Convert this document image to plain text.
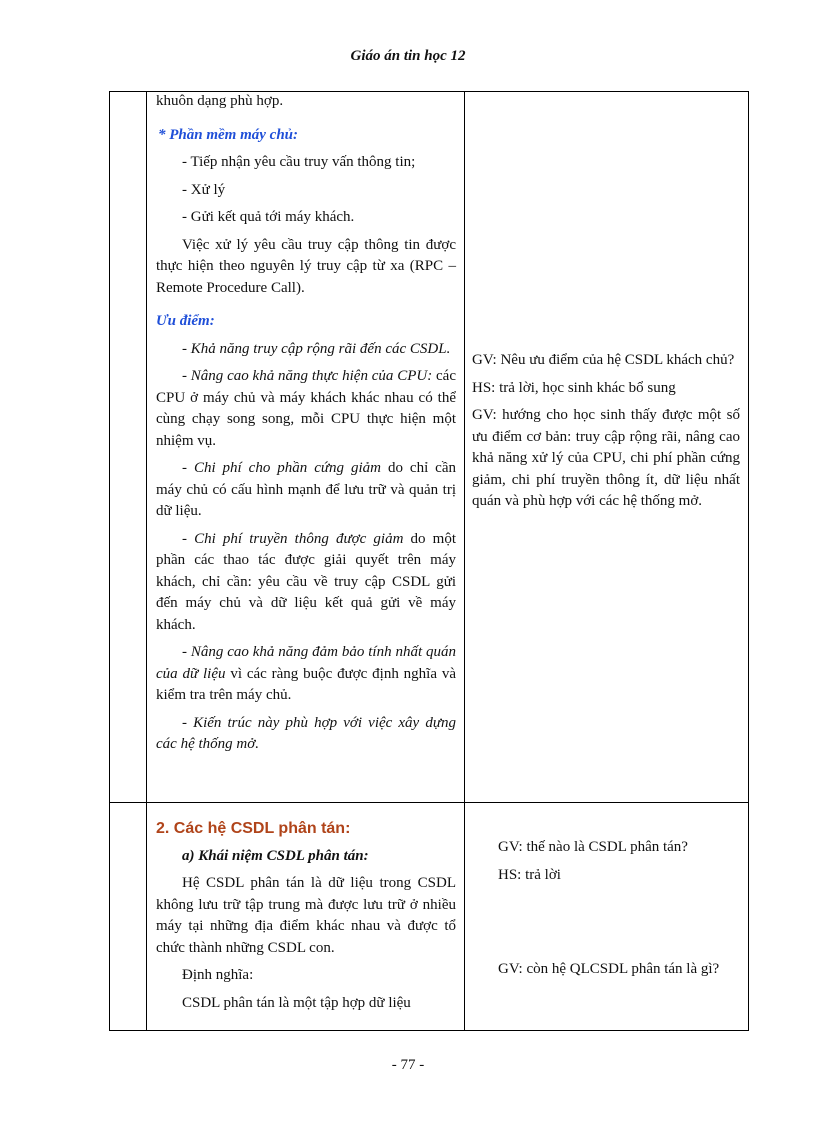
Giáo án tin học 12

khuôn dạng phù hợp.

* Phần mềm máy chủ:

- Tiếp nhận yêu cầu truy vấn thông tin;

- Xử lý

- Gửi kết quả tới máy khách.

Việc xử lý yêu cầu truy cập thông tin được thực hiện theo nguyên lý truy cập từ xa (RPC – Remote Procedure Call).

Ưu điểm:

- Khả năng truy cập rộng rãi đến các CSDL.

- Nâng cao khả năng thực hiện của CPU: các CPU ở máy chủ và máy khách khác nhau có thể cùng chạy song song, mỗi CPU thực hiện một nhiệm vụ.

- Chi phí cho phần cứng giảm do chỉ cần máy chủ có cấu hình mạnh để lưu trữ và quản trị dữ liệu.

- Chi phí truyền thông được giảm do một phần các thao tác được giải quyết trên máy khách, chỉ cần: yêu cầu về truy cập CSDL gửi đến máy chủ và dữ liệu kết quả gửi về máy khách.

- Nâng cao khả năng đảm bảo tính nhất quán của dữ liệu vì các ràng buộc được định nghĩa và kiểm tra trên máy chủ.

- Kiến trúc này phù hợp với việc xây dựng các hệ thống mở.

GV: Nêu ưu điểm của hệ CSDL khách chủ?

HS: trả lời, học sinh khác bổ sung

GV: hướng cho học sinh thấy được một số ưu điểm cơ bản: truy cập rộng rãi, nâng cao khả năng xử lý của CPU, chi phí phần cứng giảm, chi phí truyền thông ít, dữ liệu nhất quán và phù hợp với các hệ thống mở.

2. Các hệ CSDL phân tán:

a) Khái niệm CSDL phân tán:

Hệ CSDL phân tán là dữ liệu trong CSDL không lưu trữ tập trung mà được lưu trữ ở nhiều máy tại những địa điểm khác nhau và được tổ chức thành những CSDL con.

Định nghĩa:

CSDL phân tán là một tập hợp dữ liệu

GV: thế nào là CSDL phân tán?

HS: trả lời

GV: còn hệ QLCSDL phân tán là gì?

- 77 -
